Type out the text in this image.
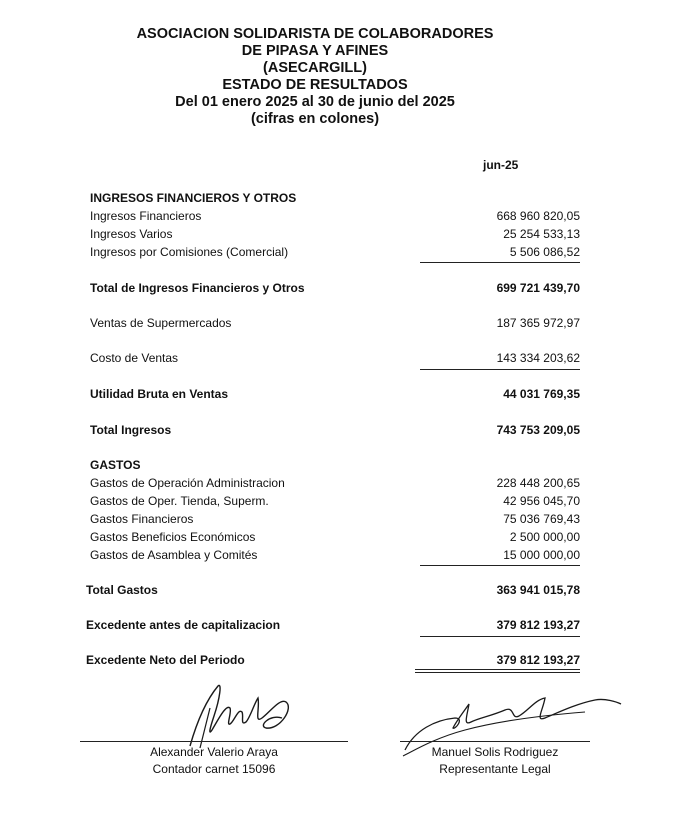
ASOCIACION SOLIDARISTA DE COLABORADORES
DE PIPASA Y AFINES
(ASECARGILL)
ESTADO DE RESULTADOS
Del 01 enero 2025 al 30 de junio del 2025
(cifras en colones)
jun-25
INGRESOS FINANCIEROS Y OTROS
Ingresos Financieros	668 960 820,05
Ingresos Varios	25 254 533,13
Ingresos por Comisiones (Comercial)	5 506 086,52
Total de Ingresos Financieros y Otros	699 721 439,70
Ventas de Supermercados	187 365 972,97
Costo de Ventas	143 334 203,62
Utilidad Bruta en Ventas	44 031 769,35
Total Ingresos	743 753 209,05
GASTOS
Gastos de Operación Administracion	228 448 200,65
Gastos de Oper. Tienda, Superm.	42 956 045,70
Gastos Financieros	75 036 769,43
Gastos Beneficios Económicos	2 500 000,00
Gastos de Asamblea y Comités	15 000 000,00
Total Gastos	363 941 015,78
Excedente antes de capitalizacion	379 812 193,27
Excedente Neto del Periodo	379 812 193,27
Alexander Valerio Araya
Contador carnet 15096
Manuel Solis Rodriguez
Representante Legal
